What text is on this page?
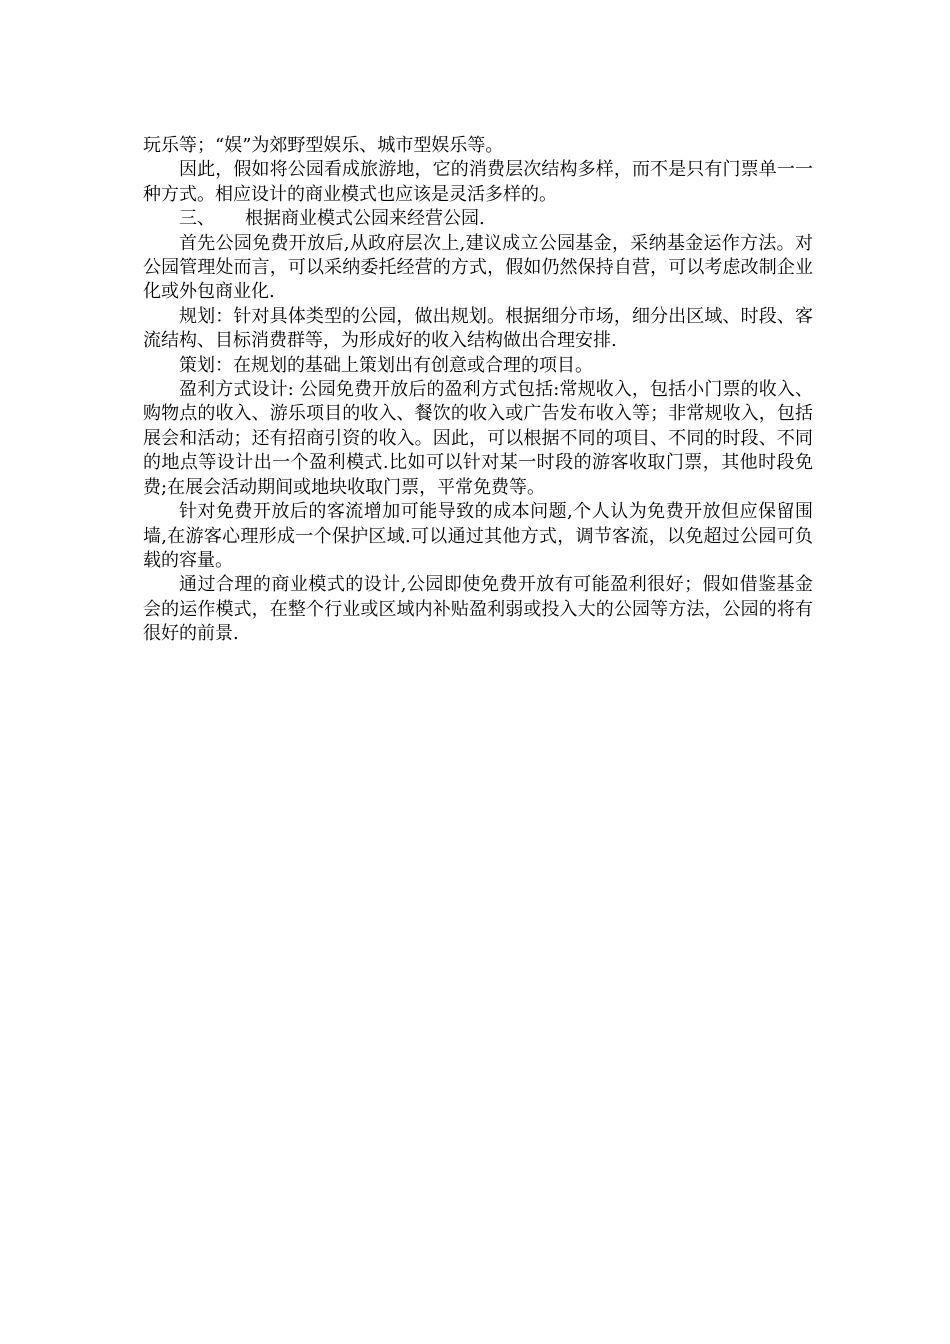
玩乐等；“娱”为郊野型娱乐、城市型娱乐等。

因此，假如将公园看成旅游地，它的消费层次结构多样，而不是只有门票单一一种方式。相应设计的商业模式也应该是灵活多样的。

三、 根据商业模式公园来经营公园.

首先公园免费开放后,从政府层次上,建议成立公园基金，采纳基金运作方法。对公园管理处而言，可以采纳委托经营的方式，假如仍然保持自营，可以考虑改制企业化或外包商业化.

规划：针对具体类型的公园，做出规划。根据细分市场，细分出区域、时段、客流结构、目标消费群等，为形成好的收入结构做出合理安排.

策划：在规划的基础上策划出有创意或合理的项目。

盈利方式设计: 公园免费开放后的盈利方式包括:常规收入，包括小门票的收入、购物点的收入、游乐项目的收入、餐饮的收入或广告发布收入等；非常规收入，包括展会和活动；还有招商引资的收入。因此，可以根据不同的项目、不同的时段、不同的地点等设计出一个盈利模式.比如可以针对某一时段的游客收取门票，其他时段免费;在展会活动期间或地块收取门票，平常免费等。

针对免费开放后的客流增加可能导致的成本问题,个人认为免费开放但应保留围墙,在游客心理形成一个保护区域.可以通过其他方式，调节客流，以免超过公园可负载的容量。

通过合理的商业模式的设计,公园即使免费开放有可能盈利很好；假如借鉴基金会的运作模式，在整个行业或区域内补贴盈利弱或投入大的公园等方法，公园的将有很好的前景.
